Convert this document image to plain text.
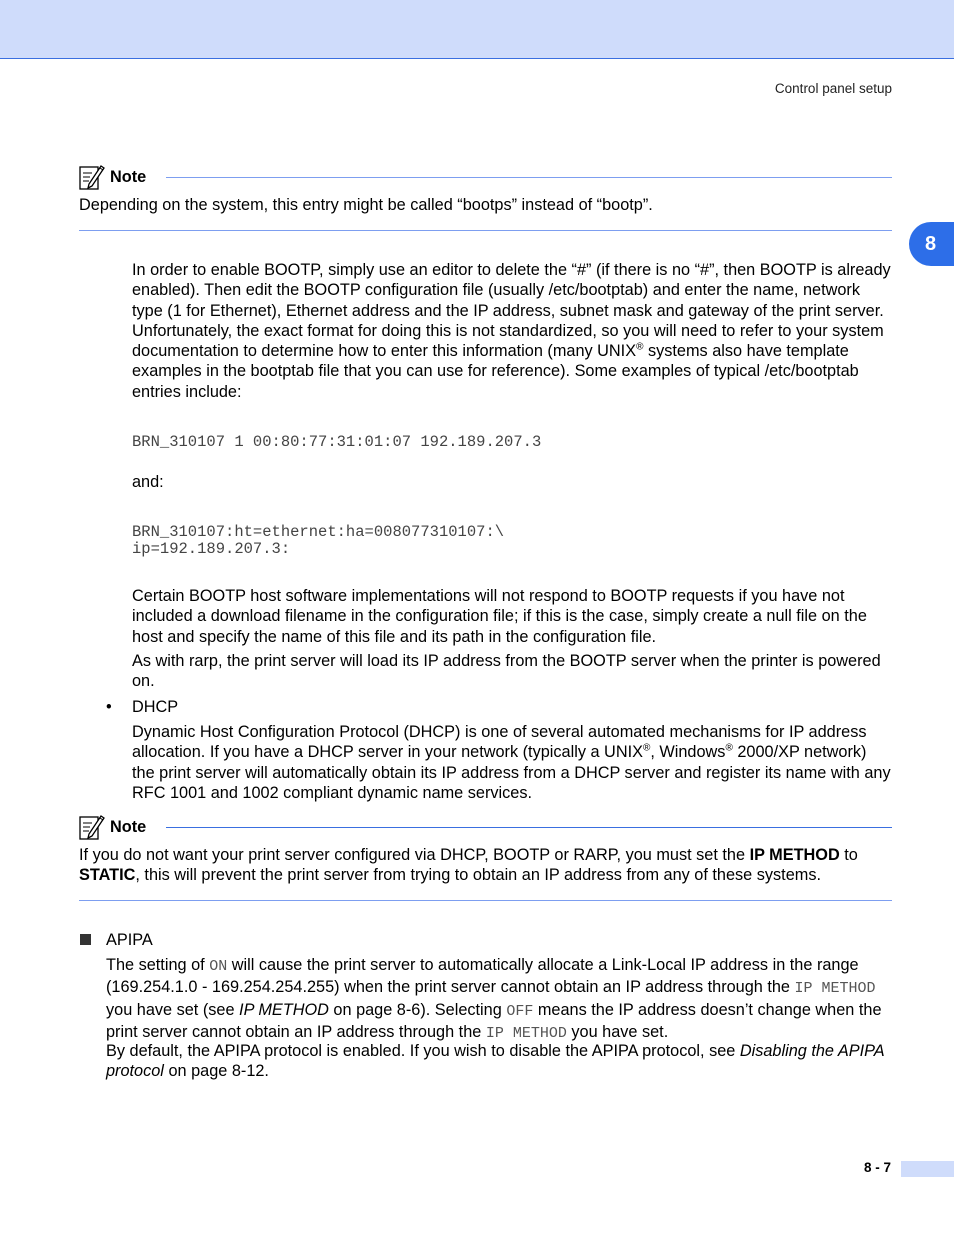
Control panel setup
8
Note

Depending on the system, this entry might be called “bootps” instead of “bootp”.

In order to enable BOOTP, simply use an editor to delete the “#” (if there is no “#”, then BOOTP is already enabled). Then edit the BOOTP configuration file (usually /etc/bootptab) and enter the name, network type (1 for Ethernet), Ethernet address and the IP address, subnet mask and gateway of the print server. Unfortunately, the exact format for doing this is not standardized, so you will need to refer to your system documentation to determine how to enter this information (many UNIX® systems also have template examples in the bootptab file that you can use for reference). Some examples of typical /etc/bootptab entries include:

BRN_310107 1 00:80:77:31:01:07 192.189.207.3

and:

BRN_310107:ht=ethernet:ha=008077310107:\
ip=192.189.207.3:

Certain BOOTP host software implementations will not respond to BOOTP requests if you have not included a download filename in the configuration file; if this is the case, simply create a null file on the host and specify the name of this file and its path in the configuration file.

As with rarp, the print server will load its IP address from the BOOTP server when the printer is powered on.

• DHCP

Dynamic Host Configuration Protocol (DHCP) is one of several automated mechanisms for IP address allocation. If you have a DHCP server in your network (typically a UNIX®, Windows® 2000/XP network) the print server will automatically obtain its IP address from a DHCP server and register its name with any RFC 1001 and 1002 compliant dynamic name services.

Note

If you do not want your print server configured via DHCP, BOOTP or RARP, you must set the IP METHOD to STATIC, this will prevent the print server from trying to obtain an IP address from any of these systems.

APIPA

The setting of ON will cause the print server to automatically allocate a Link-Local IP address in the range (169.254.1.0 - 169.254.254.255) when the print server cannot obtain an IP address through the IP METHOD you have set (see IP METHOD on page 8-6). Selecting OFF means the IP address doesn’t change when the print server cannot obtain an IP address through the IP METHOD you have set.

By default, the APIPA protocol is enabled. If you wish to disable the APIPA protocol, see Disabling the APIPA protocol on page 8-12.

8 - 7
